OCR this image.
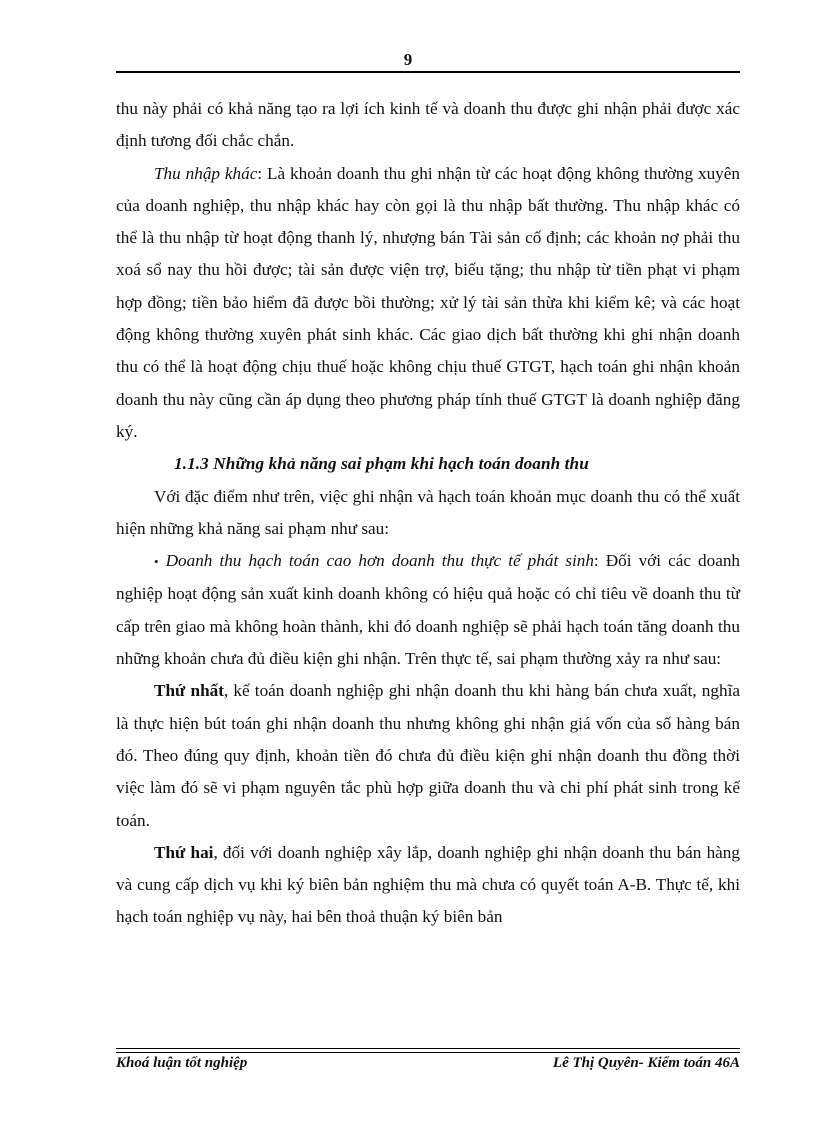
9

thu này phải có khả năng tạo ra lợi ích kinh tế và doanh thu được ghi nhận phải được xác định tương đối chắc chắn.

Thu nhập khác: Là khoản doanh thu ghi nhận từ các hoạt động không thường xuyên của doanh nghiệp, thu nhập khác hay còn gọi là thu nhập bất thường. Thu nhập khác có thể là thu nhập từ hoạt động thanh lý, nhượng bán Tài sản cố định; các khoản nợ phải thu xoá sổ nay thu hồi được; tài sản được viện trợ, biếu tặng; thu nhập từ tiền phạt vi phạm hợp đồng; tiền bảo hiểm đã được bồi thường; xử lý tài sản thừa khi kiểm kê; và các hoạt động không thường xuyên phát sinh khác. Các giao dịch bất thường khi ghi nhận doanh thu có thể là hoạt động chịu thuế hoặc không chịu thuế GTGT, hạch toán ghi nhận khoản doanh thu này cũng cần áp dụng theo phương pháp tính thuế GTGT là doanh nghiệp đăng ký.

1.1.3 Những khả năng sai phạm khi hạch toán doanh thu

Với đặc điểm như trên, việc ghi nhận và hạch toán khoản mục doanh thu có thể xuất hiện những khả năng sai phạm như sau:

• Doanh thu hạch toán cao hơn doanh thu thực tế phát sinh: Đối với các doanh nghiệp hoạt động sản xuất kinh doanh không có hiệu quả hoặc có chỉ tiêu về doanh thu từ cấp trên giao mà không hoàn thành, khi đó doanh nghiệp sẽ phải hạch toán tăng doanh thu những khoản chưa đủ điều kiện ghi nhận. Trên thực tế, sai phạm thường xảy ra như sau:

Thứ nhất, kế toán doanh nghiệp ghi nhận doanh thu khi hàng bán chưa xuất, nghĩa là thực hiện bút toán ghi nhận doanh thu nhưng không ghi nhận giá vốn của số hàng bán đó. Theo đúng quy định, khoản tiền đó chưa đủ điều kiện ghi nhận doanh thu đồng thời việc làm đó sẽ vi phạm nguyên tắc phù hợp giữa doanh thu và chi phí phát sinh trong kế toán.

Thứ hai, đối với doanh nghiệp xây lắp, doanh nghiệp ghi nhận doanh thu bán hàng và cung cấp dịch vụ khi ký biên bản nghiệm thu mà chưa có quyết toán A-B. Thực tế, khi hạch toán nghiệp vụ này, hai bên thoả thuận ký biên bản

Khoá luận tốt nghiệp	Lê Thị Quyên- Kiểm toán 46A
